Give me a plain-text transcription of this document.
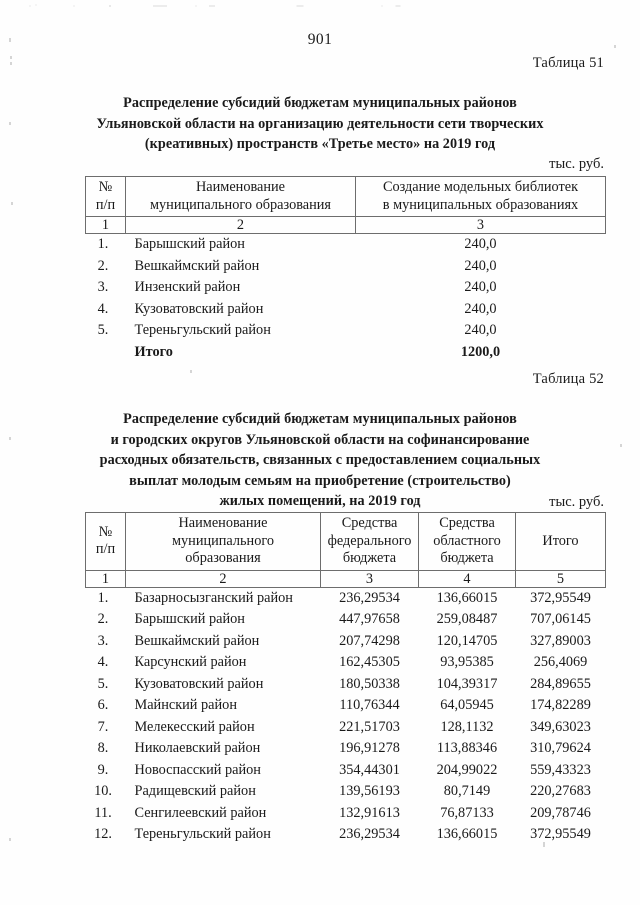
901
Таблица 51
Распределение субсидий бюджетам муниципальных районов
Ульяновской области на организацию деятельности сети творческих
(креативных) пространств «Третье место» на 2019 год
тыс. руб.
№
п/п

Наименование
муниципального образования

Создание модельных библиотек
в муниципальных образованиях

1	2	3
1.	Барышский район	240,0
2.	Вешкаймский район	240,0
3.	Инзенский район	240,0
4.	Кузоватовский район	240,0
5.	Тереньгульский район	240,0
	Итого	1200,0
Таблица 52
Распределение субсидий бюджетам муниципальных районов
и городских округов Ульяновской области на софинансирование
расходных обязательств, связанных с предоставлением социальных
выплат молодым семьям на приобретение (строительство)
жилых помещений, на 2019 год	тыс. руб.
№
п/п

Наименование
муниципального
образования

Средства
федерального
бюджета

Средства
областного
бюджета
	Итого
1	2	3	4	5
1.	Базарносызганский район	236,29534	136,66015	372,95549
2.	Барышский район	447,97658	259,08487	707,06145
3.	Вешкаймский район	207,74298	120,14705	327,89003
4.	Карсунский район	162,45305	93,95385	256,4069
5.	Кузоватовский район	180,50338	104,39317	284,89655
6.	Майнский район	110,76344	64,05945	174,82289
7.	Мелекесский район	221,51703	128,1132	349,63023
8.	Николаевский район	196,91278	113,88346	310,79624
9.	Новоспасский район	354,44301	204,99022	559,43323
10.	Радищевский район	139,56193	80,7149	220,27683
11.	Сенгилеевский район	132,91613	76,87133	209,78746
12.	Тереньгульский район	236,29534	136,66015	372,95549
